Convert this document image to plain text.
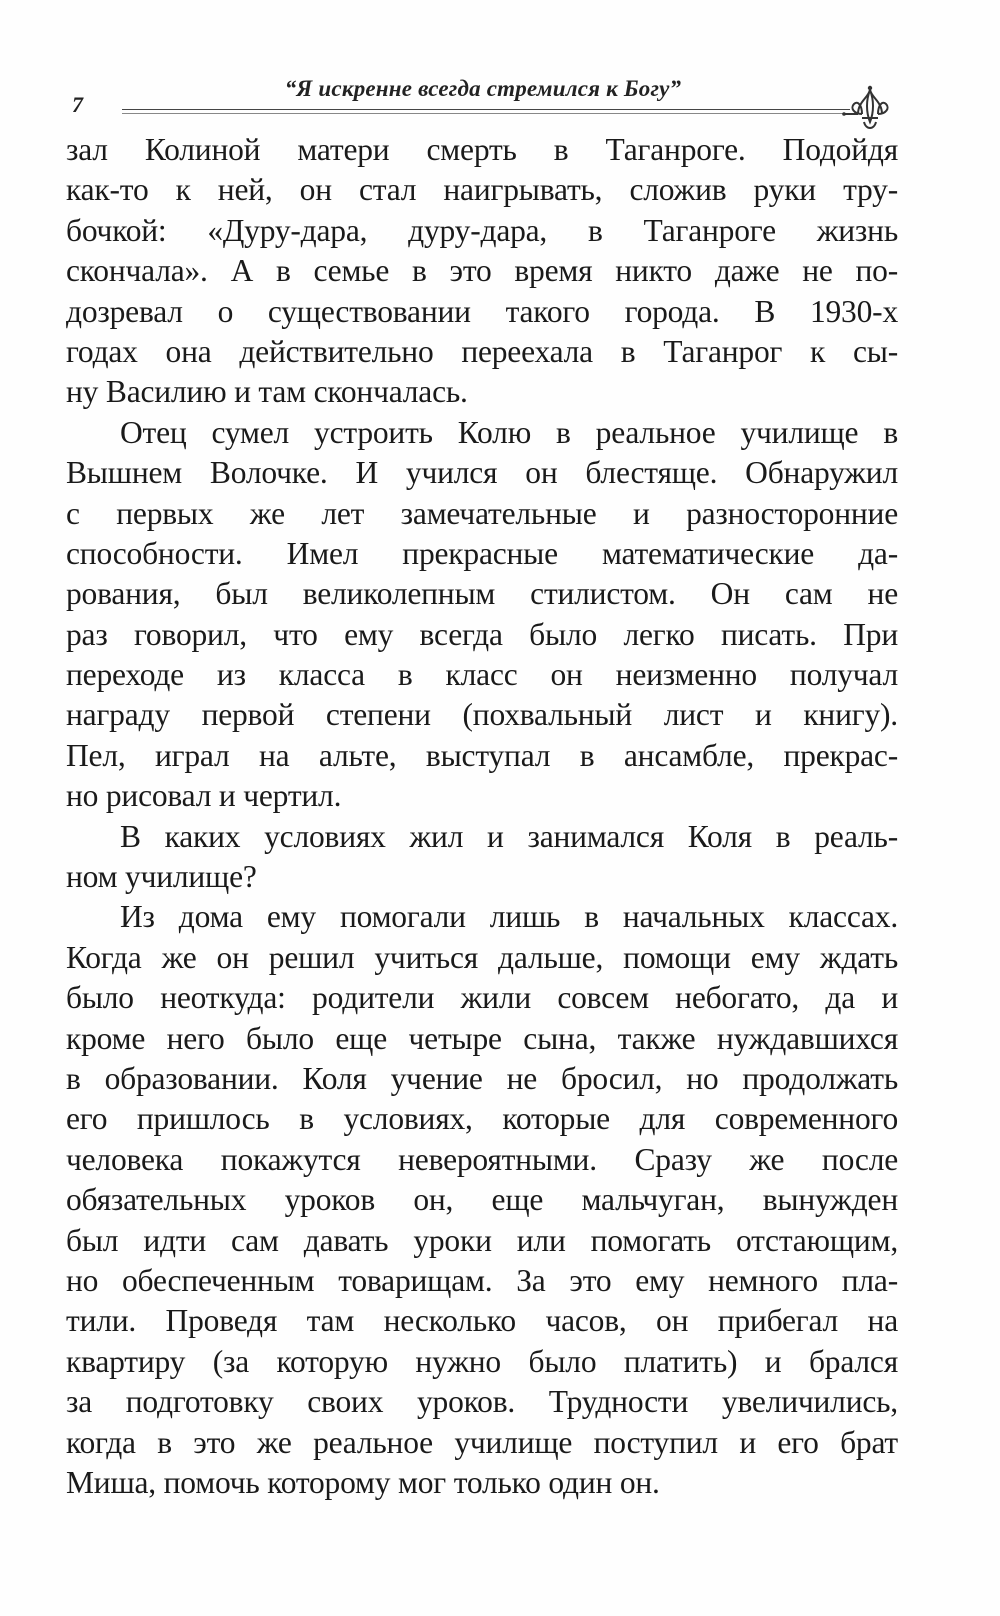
7
“Я искренне всегда стремился к Богу”
зал Колиной матери смерть в Таганроге. Подойдя
как-то к ней, он стал наигрывать, сложив руки тру-
бочкой: «Дуру-дара, дуру-дара, в Таганроге жизнь
скончала». А в семье в это время никто даже не по-
дозревал о существовании такого города. В 1930-х
годах она действительно переехала в Таганрог к сы-
ну Василию и там скончалась.
Отец сумел устроить Колю в реальное училище в
Вышнем Волочке. И учился он блестяще. Обнаружил
с первых же лет замечательные и разносторонние
способности. Имел прекрасные математические да-
рования, был великолепным стилистом. Он сам не
раз говорил, что ему всегда было легко писать. При
переходе из класса в класс он неизменно получал
награду первой степени (похвальный лист и книгу).
Пел, играл на альте, выступал в ансамбле, прекрас-
но рисовал и чертил.
В каких условиях жил и занимался Коля в реаль-
ном училище?
Из дома ему помогали лишь в начальных классах.
Когда же он решил учиться дальше, помощи ему ждать
было неоткуда: родители жили совсем небогато, да и
кроме него было еще четыре сына, также нуждавшихся
в образовании. Коля учение не бросил, но продолжать
его пришлось в условиях, которые для современного
человека покажутся невероятными. Сразу же после
обязательных уроков он, еще мальчуган, вынужден
был идти сам давать уроки или помогать отстающим,
но обеспеченным товарищам. За это ему немного пла-
тили. Проведя там несколько часов, он прибегал на
квартиру (за которую нужно было платить) и брался
за подготовку своих уроков. Трудности увеличились,
когда в это же реальное училище поступил и его брат
Миша, помочь которому мог только один он.
